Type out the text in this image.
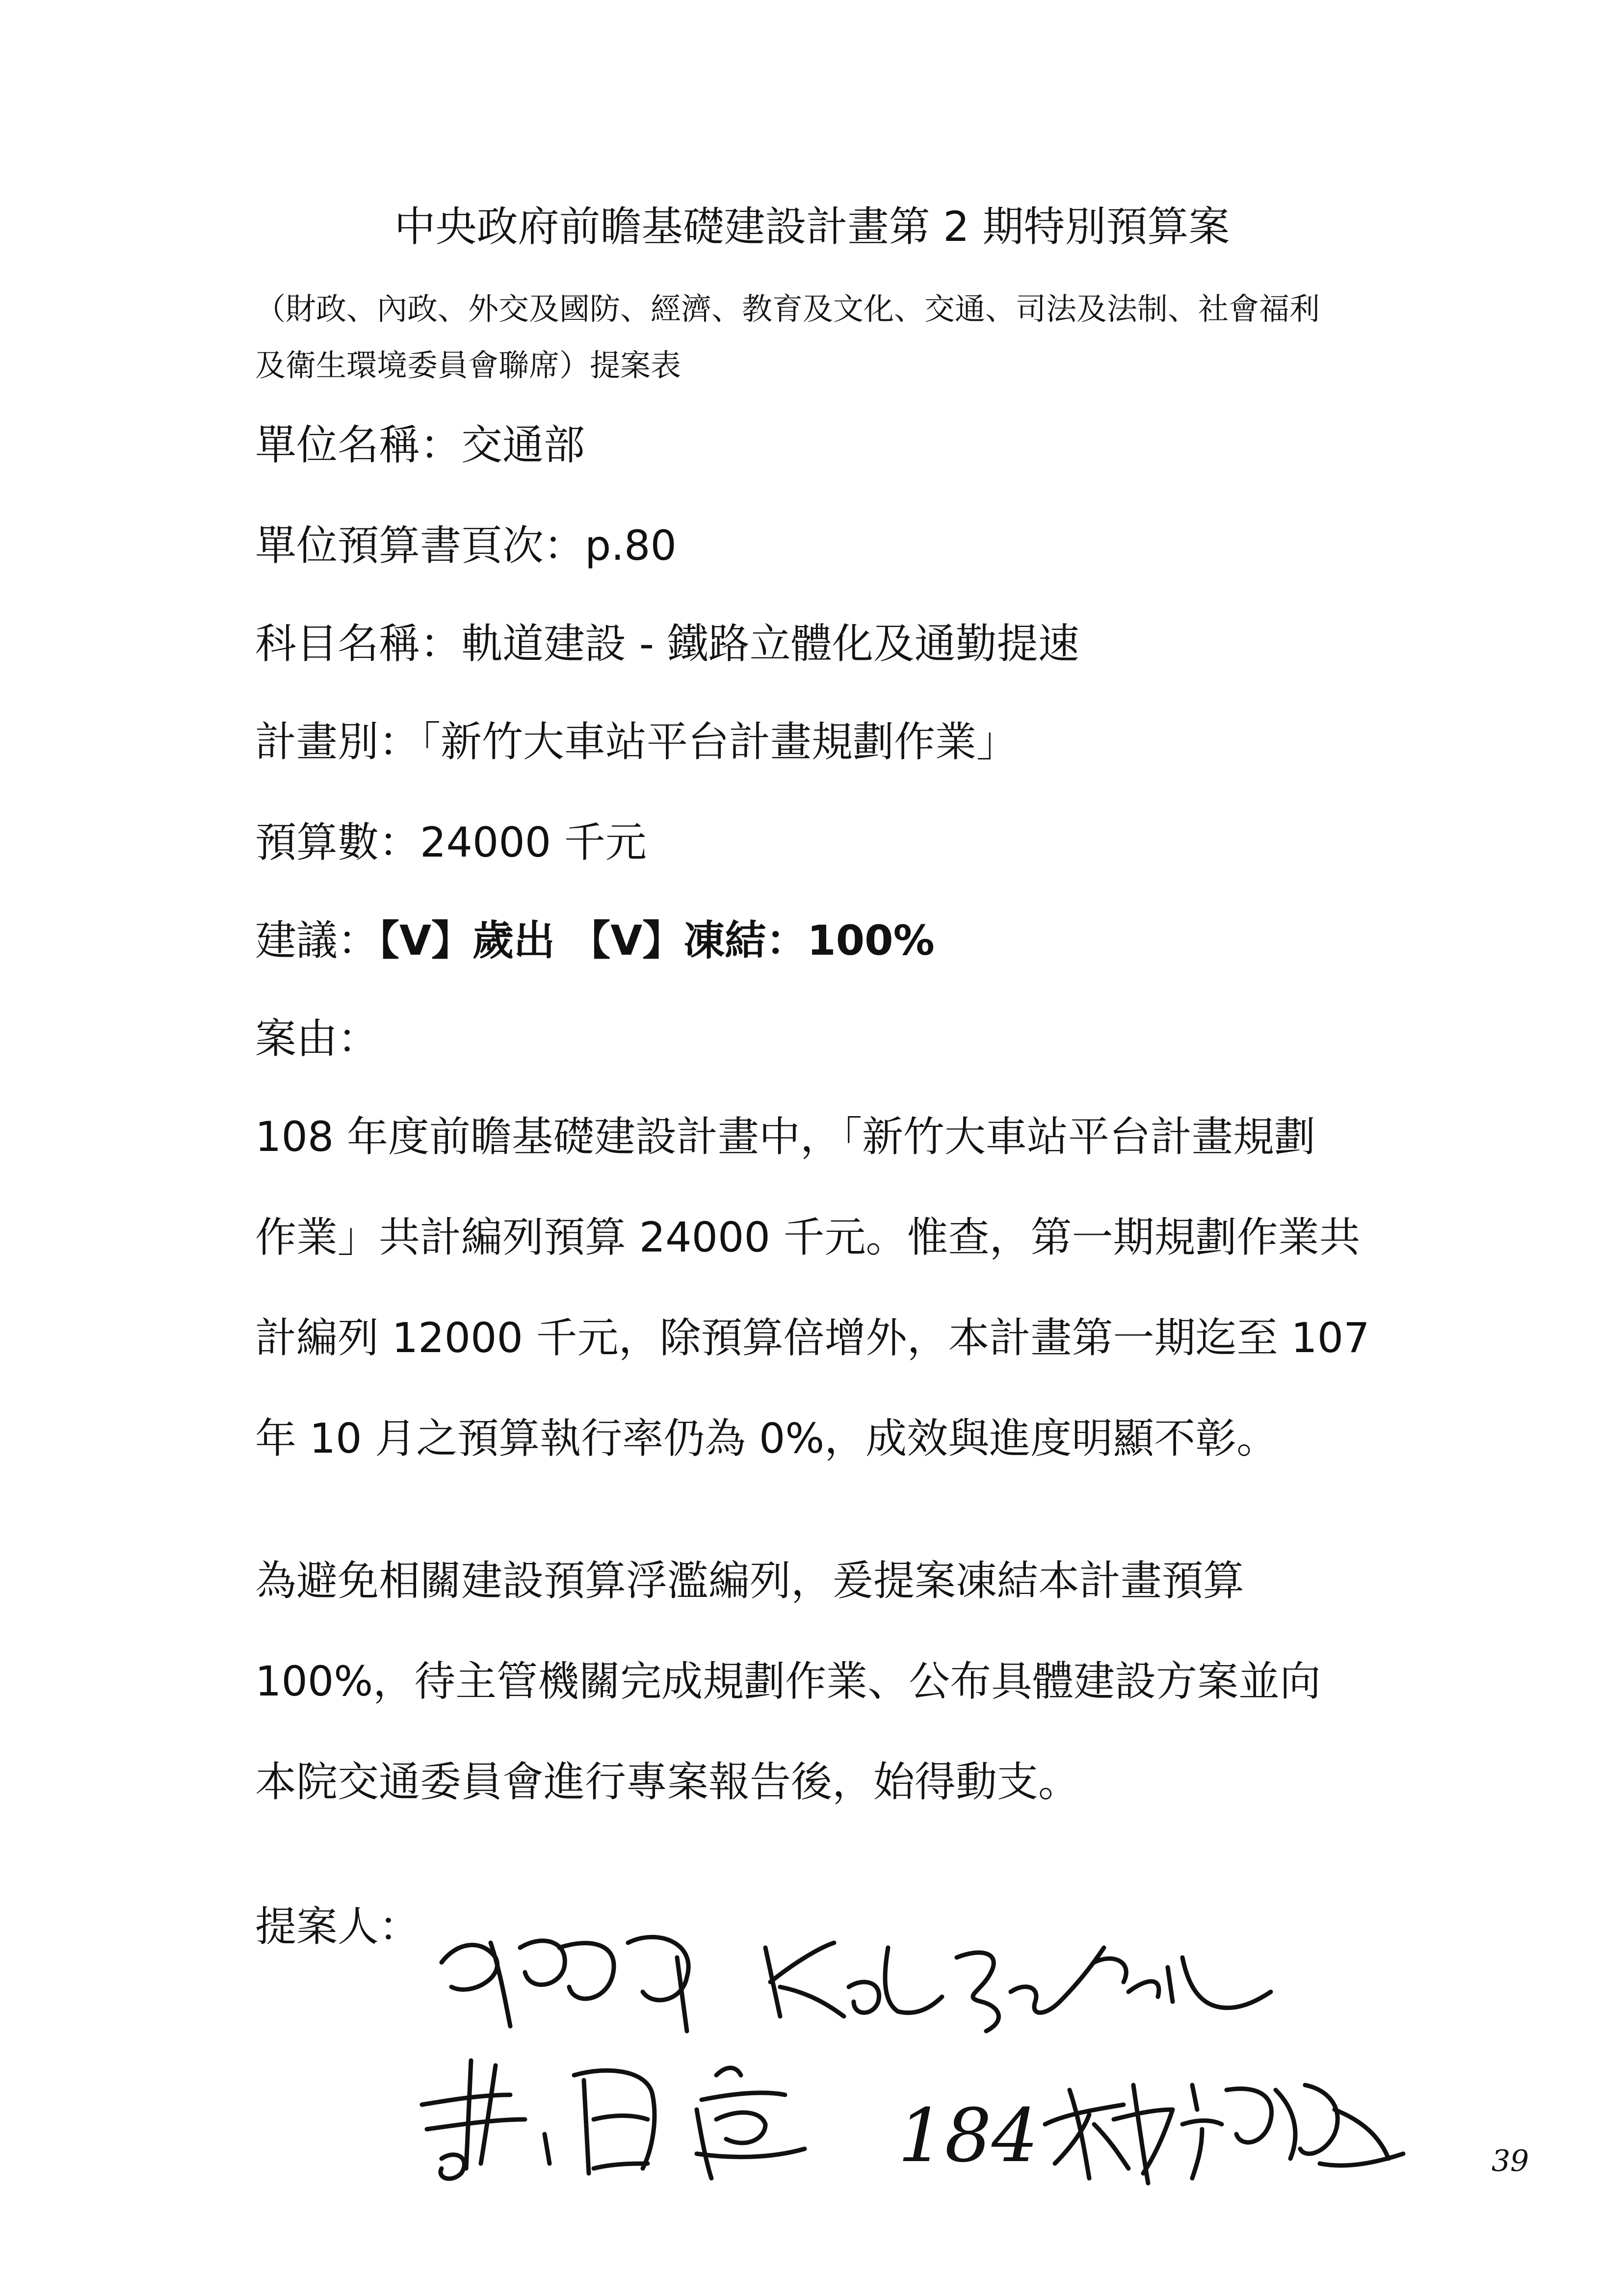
中央政府前瞻基礎建設計畫第 2 期特別預算案
（財政、內政、外交及國防、經濟、教育及文化、交通、司法及法制、社會福利
及衛生環境委員會聯席）提案表
單位名稱：交通部
單位預算書頁次：p.80
科目名稱：軌道建設 - 鐵路立體化及通勤提速
計畫別：「新竹大車站平台計畫規劃作業」
預算數：24000 千元
建議：【V】歲出 【V】凍結：100%
案由：
108 年度前瞻基礎建設計畫中，「新竹大車站平台計畫規劃
作業」共計編列預算 24000 千元。惟查，第一期規劃作業共
計編列 12000 千元，除預算倍增外，本計畫第一期迄至 107
年 10 月之預算執行率仍為 0%，成效與進度明顯不彰。
為避免相關建設預算浮濫編列，爰提案凍結本計畫預算
100%，待主管機關完成規劃作業、公布具體建設方案並向
本院交通委員會進行專案報告後，始得動支。
提案人：
184	39
